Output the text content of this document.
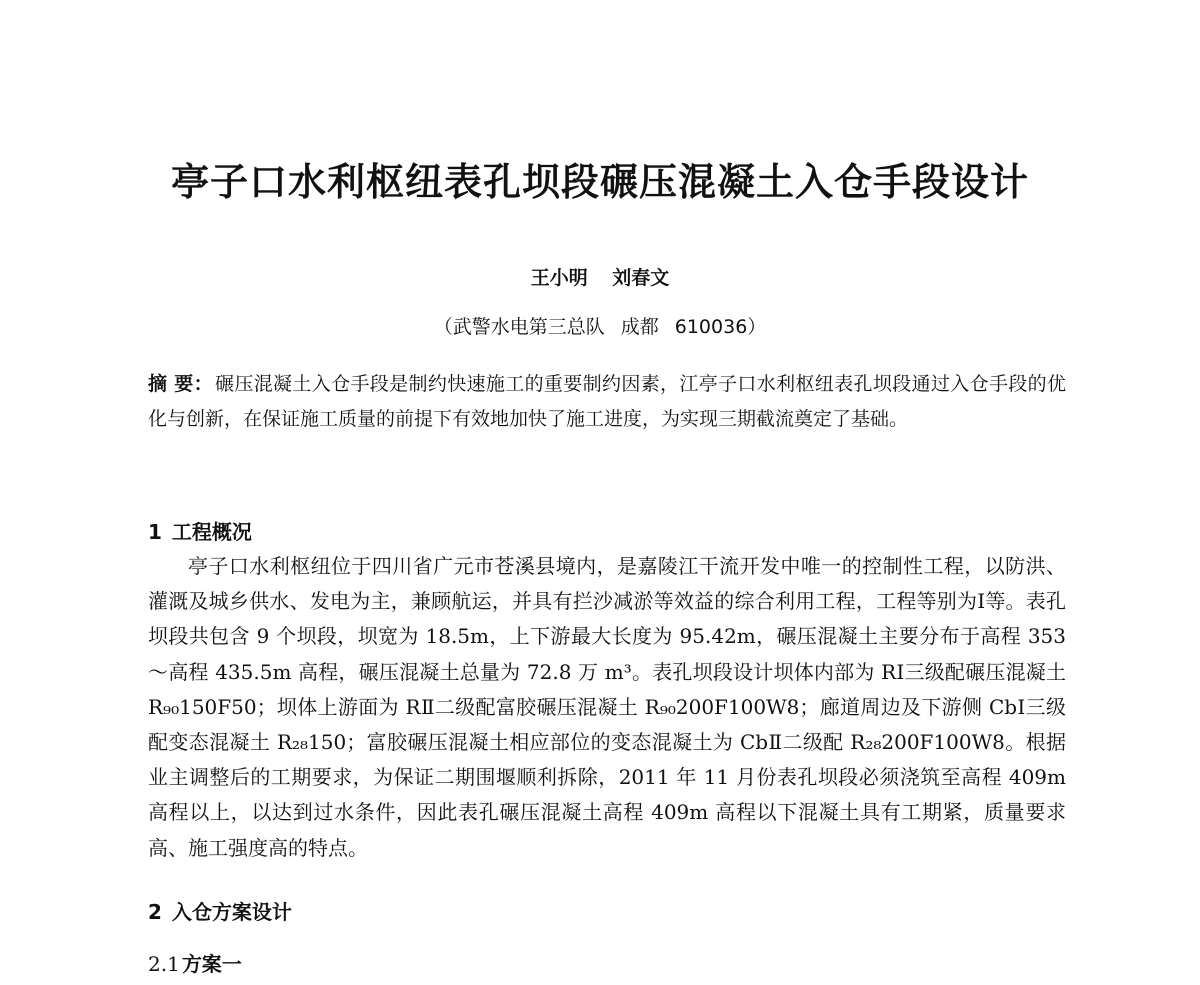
亭子口水利枢纽表孔坝段碾压混凝土入仓手段设计
王小明 刘春文
（武警水电第三总队 成都 610036）
摘 要： 碾压混凝土入仓手段是制约快速施工的重要制约因素，江亭子口水利枢纽表孔坝段通过入仓手段的优化与创新，在保证施工质量的前提下有效地加快了施工进度，为实现三期截流奠定了基础。
1 工程概况
亭子口水利枢纽位于四川省广元市苍溪县境内，是嘉陵江干流开发中唯一的控制性工程，以防洪、灌溉及城乡供水、发电为主，兼顾航运，并具有拦沙减淤等效益的综合利用工程，工程等别为Ⅰ等。表孔坝段共包含 9 个坝段，坝宽为 18.5m，上下游最大长度为 95.42m，碾压混凝土主要分布于高程 353～高程 435.5m 高程，碾压混凝土总量为 72.8 万 m³。表孔坝段设计坝体内部为 RⅠ三级配碾压混凝土 R₉₀150F50；坝体上游面为 RⅡ二级配富胶碾压混凝土 R₉₀200F100W8；廊道周边及下游侧 CbⅠ三级配变态混凝土 R₂₈150；富胶碾压混凝土相应部位的变态混凝土为 CbⅡ二级配 R₂₈200F100W8。根据业主调整后的工期要求，为保证二期围堰顺利拆除，2011 年 11 月份表孔坝段必须浇筑至高程 409m 高程以上，以达到过水条件，因此表孔碾压混凝土高程 409m 高程以下混凝土具有工期紧，质量要求高、施工强度高的特点。
2 入仓方案设计
2.1 方案一
